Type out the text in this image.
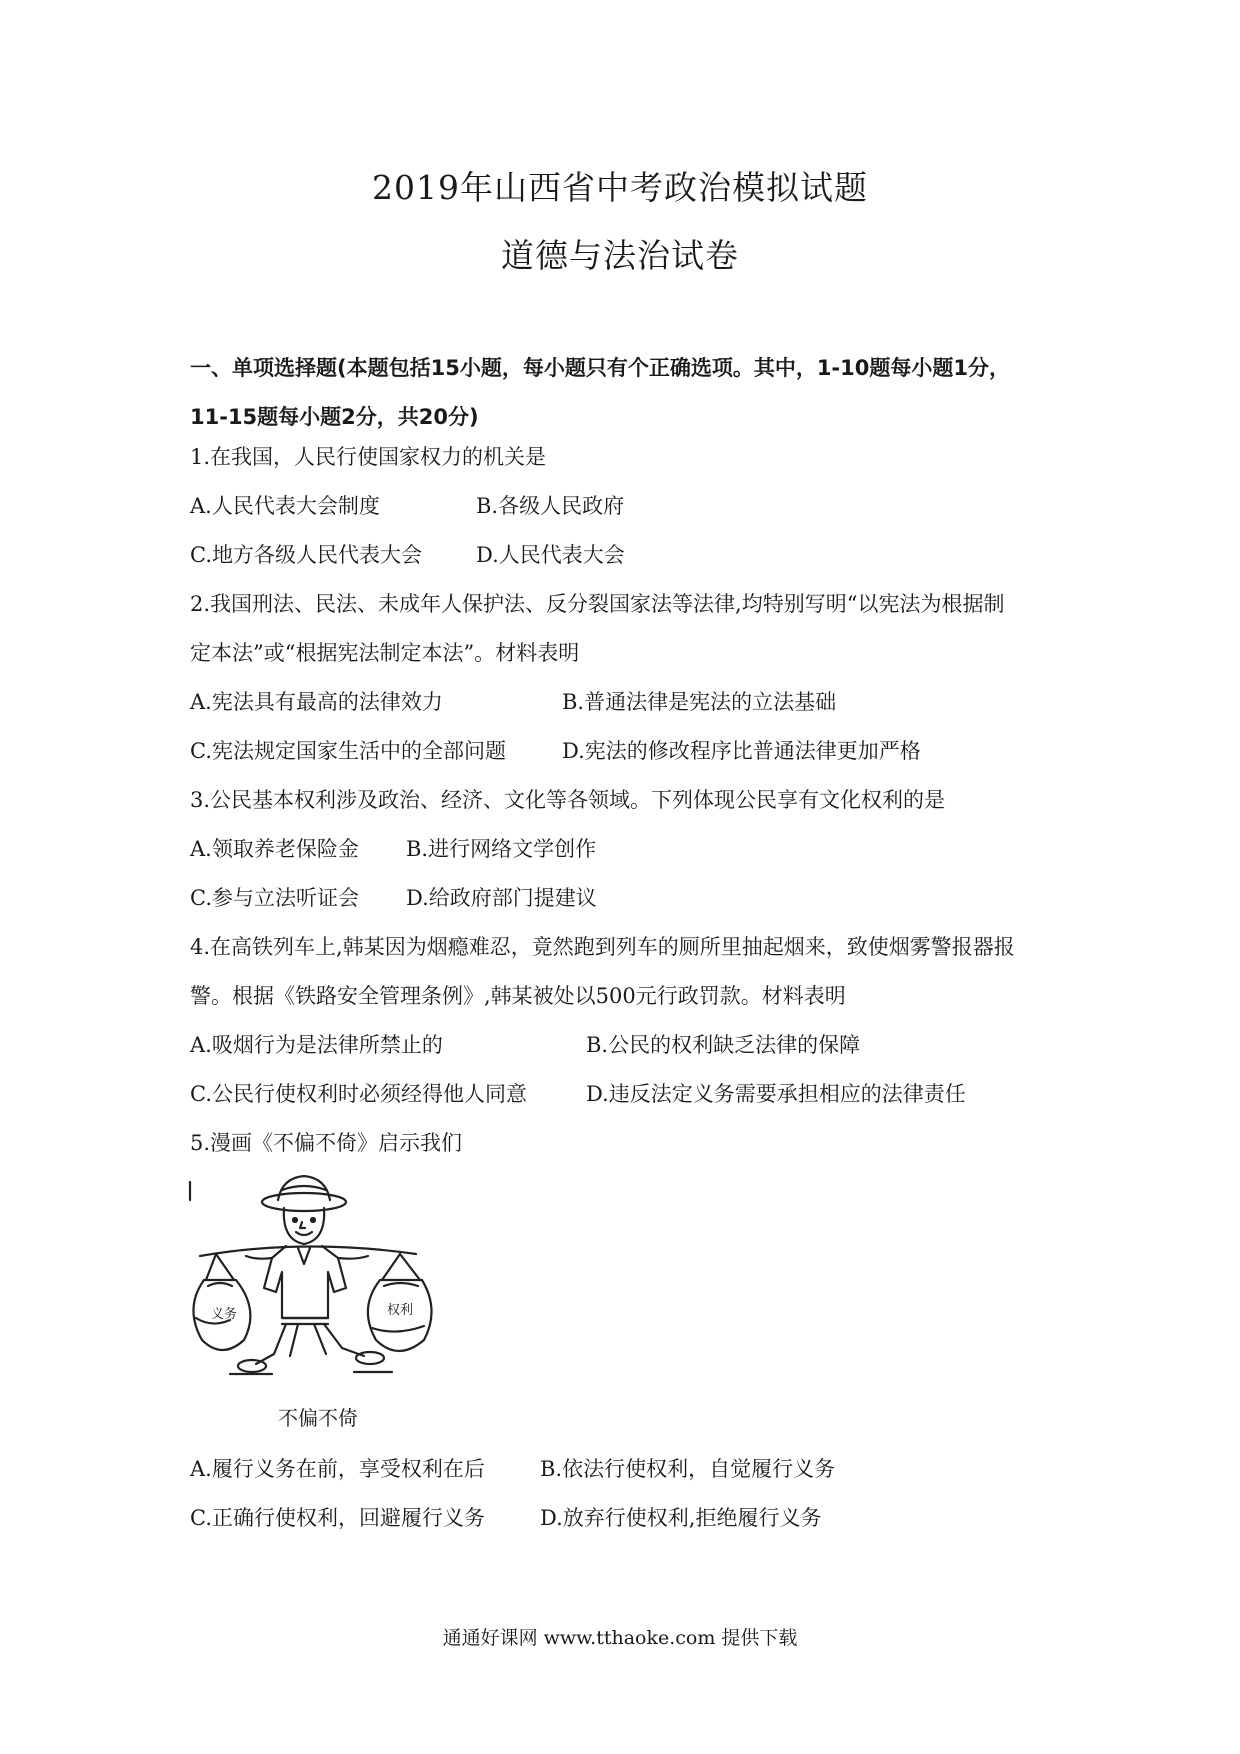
2019年山西省中考政治模拟试题
道德与法治试卷
一、单项选择题(本题包括15小题，每小题只有个正确选项。其中，1-10题每小题1分，
11-15题每小题2分，共20分)
1.在我国，人民行使国家权力的机关是
A.人民代表大会制度	B.各级人民政府
C.地方各级人民代表大会	D.人民代表大会
2.我国刑法、民法、未成年人保护法、反分裂国家法等法律,均特别写明“以宪法为根据制
定本法”或“根据宪法制定本法”。材料表明
A.宪法具有最高的法律效力	B.普通法律是宪法的立法基础
C.宪法规定国家生活中的全部问题	D.宪法的修改程序比普通法律更加严格
3.公民基本权利涉及政治、经济、文化等各领域。下列体现公民享有文化权利的是
A.领取养老保险金 B.进行网络文学创作
C.参与立法听证会 D.给政府部门提建议
4.在高铁列车上,韩某因为烟瘾难忍，竟然跑到列车的厕所里抽起烟来，致使烟雾警报器报
警。根据《铁路安全管理条例》,韩某被处以500元行政罚款。材料表明
A.吸烟行为是法律所禁止的	B.公民的权利缺乏法律的保障
C.公民行使权利时必须经得他人同意	D.违反法定义务需要承担相应的法律责任
5.漫画《不偏不倚》启示我们
义务	权利
不偏不倚
A.履行义务在前，享受权利在后	B.依法行使权利，自觉履行义务
C.正确行使权利，回避履行义务	D.放弃行使权利,拒绝履行义务
通通好课网 www.tthaoke.com 提供下载
